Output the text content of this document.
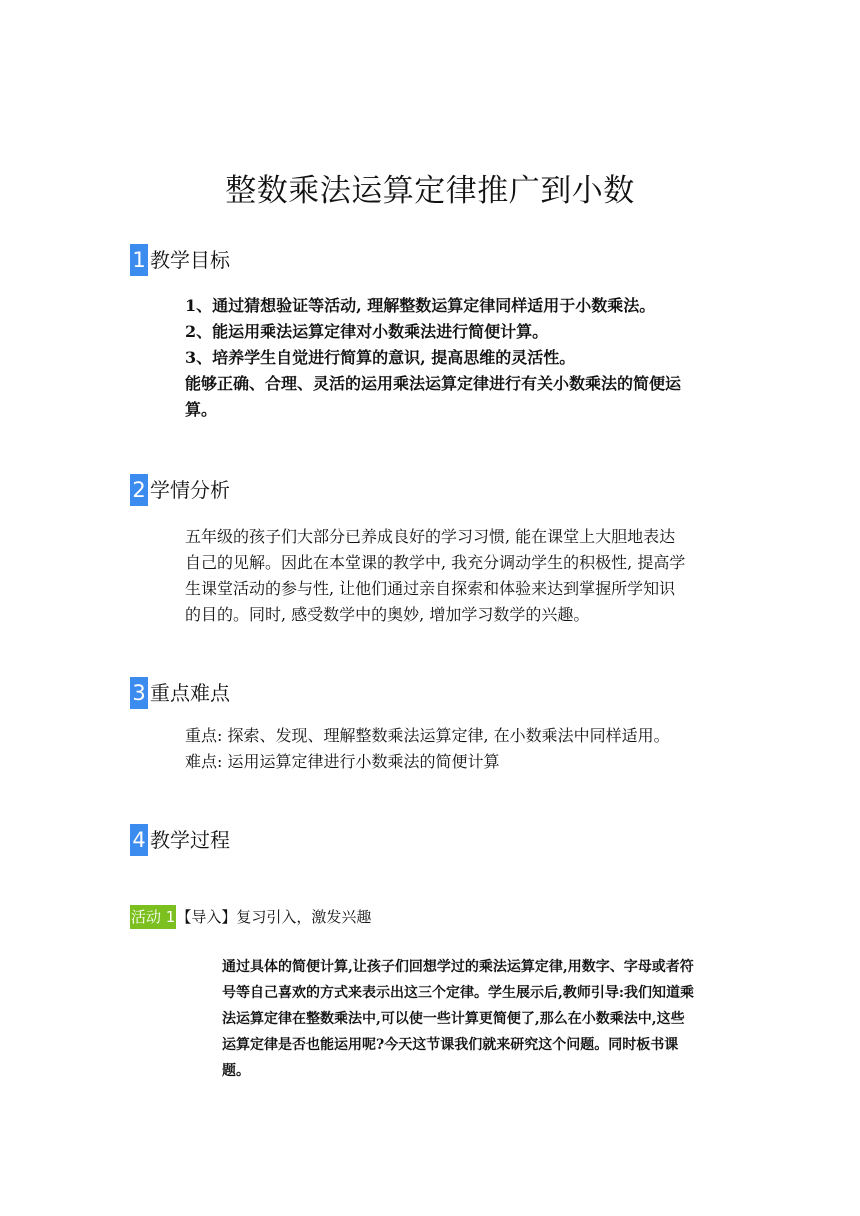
整数乘法运算定律推广到小数
1 教学目标

1、通过猜想验证等活动, 理解整数运算定律同样适用于小数乘法。

2、能运用乘法运算定律对小数乘法进行简便计算。

3、培养学生自觉进行简算的意识, 提高思维的灵活性。

能够正确、合理、灵活的运用乘法运算定律进行有关小数乘法的简便运

算。

2 学情分析

五年级的孩子们大部分已养成良好的学习习惯, 能在课堂上大胆地表达

自己的见解。因此在本堂课的教学中, 我充分调动学生的积极性, 提高学

生课堂活动的参与性, 让他们通过亲自探索和体验来达到掌握所学知识

的目的。同时, 感受数学中的奥妙, 增加学习数学的兴趣。

3 重点难点

重点: 探索、发现、理解整数乘法运算定律, 在小数乘法中同样适用。

难点: 运用运算定律进行小数乘法的简便计算

4 教学过程
活动 1 【导入】复习引入，激发兴趣

通过具体的简便计算,让孩子们回想学过的乘法运算定律,用数字、字母或者符

号等自己喜欢的方式来表示出这三个定律。学生展示后,教师引导:我们知道乘

法运算定律在整数乘法中,可以使一些计算更简便了,那么在小数乘法中,这些

运算定律是否也能运用呢?今天这节课我们就来研究这个问题。同时板书课

题。
